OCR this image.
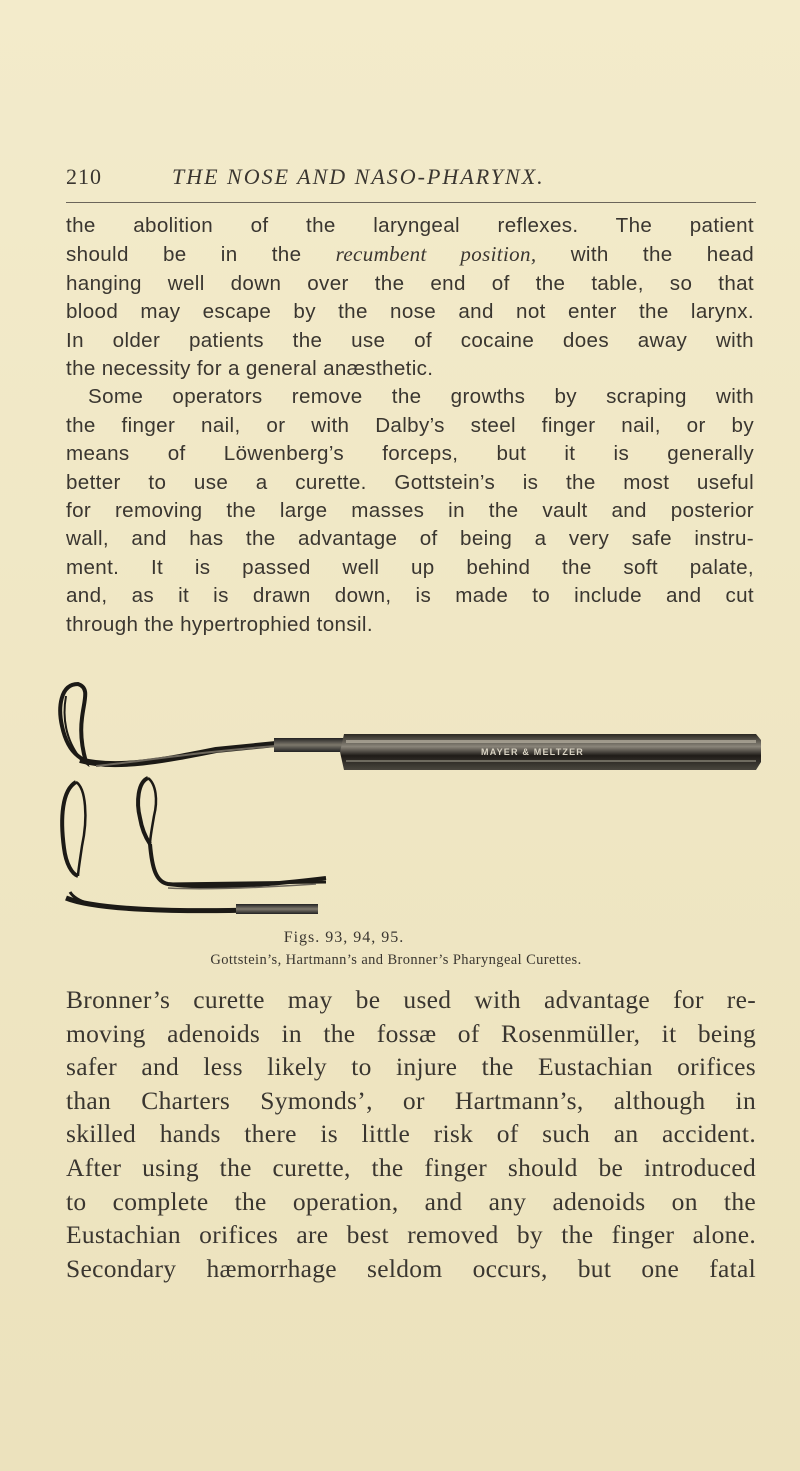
210	THE NOSE AND NASO-PHARYNX.
the abolition of the laryngeal reflexes. The patient
should be in the recumbent position, with the head
hanging well down over the end of the table, so that
blood may escape by the nose and not enter the larynx.
In older patients the use of cocaine does away with
the necessity for a general anæsthetic.
Some operators remove the growths by scraping with
the finger nail, or with Dalby’s steel finger nail, or by
means of Löwenberg’s forceps, but it is generally
better to use a curette. Gottstein’s is the most useful
for removing the large masses in the vault and posterior
wall, and has the advantage of being a very safe instru-
ment. It is passed well up behind the soft palate,
and, as it is drawn down, is made to include and cut
through the hypertrophied tonsil.
MAYER & MELTZER
Figs. 93, 94, 95.
Gottstein’s, Hartmann’s and Bronner’s Pharyngeal Curettes.
Bronner’s curette may be used with advantage for re-
moving adenoids in the fossæ of Rosenmüller, it being
safer and less likely to injure the Eustachian orifices
than Charters Symonds’, or Hartmann’s, although in
skilled hands there is little risk of such an accident.
After using the curette, the finger should be introduced
to complete the operation, and any adenoids on the
Eustachian orifices are best removed by the finger alone.
Secondary hæmorrhage seldom occurs, but one fatal
